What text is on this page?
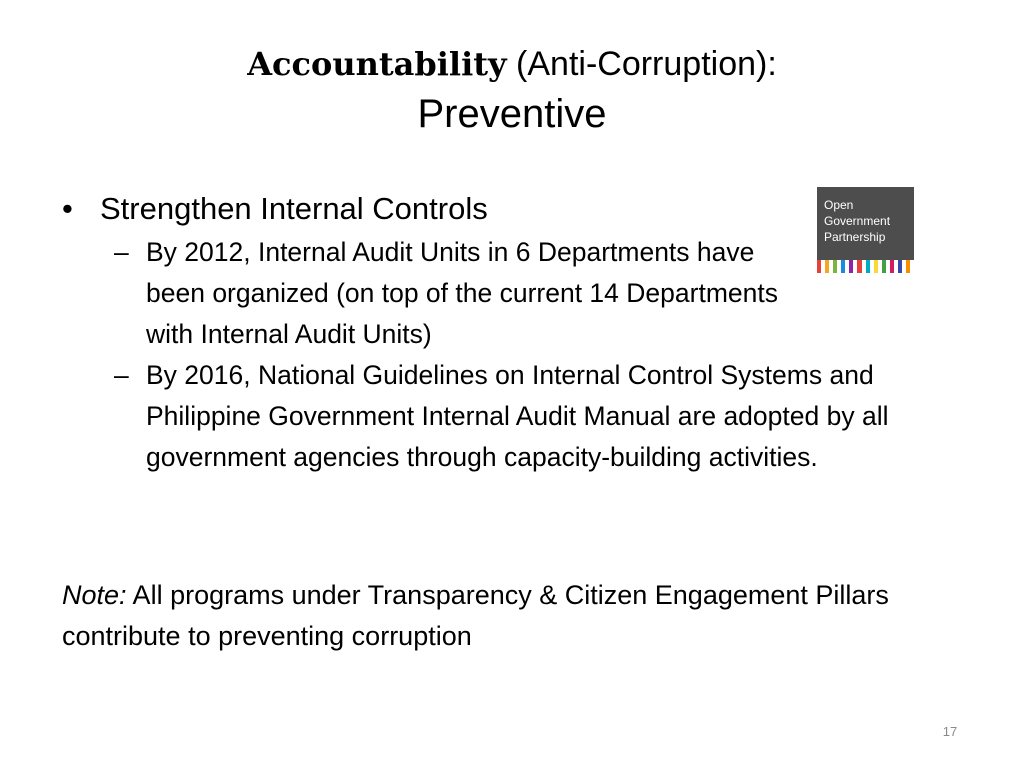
Accountability (Anti-Corruption):
Preventive
Open
Government
Partnership
• Strengthen Internal Controls
– By 2012, Internal Audit Units in 6 Departments have been organized (on top of the current 14 Departments with Internal Audit Units)
– By 2016, National Guidelines on Internal Control Systems and Philippine Government Internal Audit Manual are adopted by all government agencies through capacity-building activities.
Note: All programs under Transparency & Citizen Engagement Pillars contribute to preventing corruption
17
